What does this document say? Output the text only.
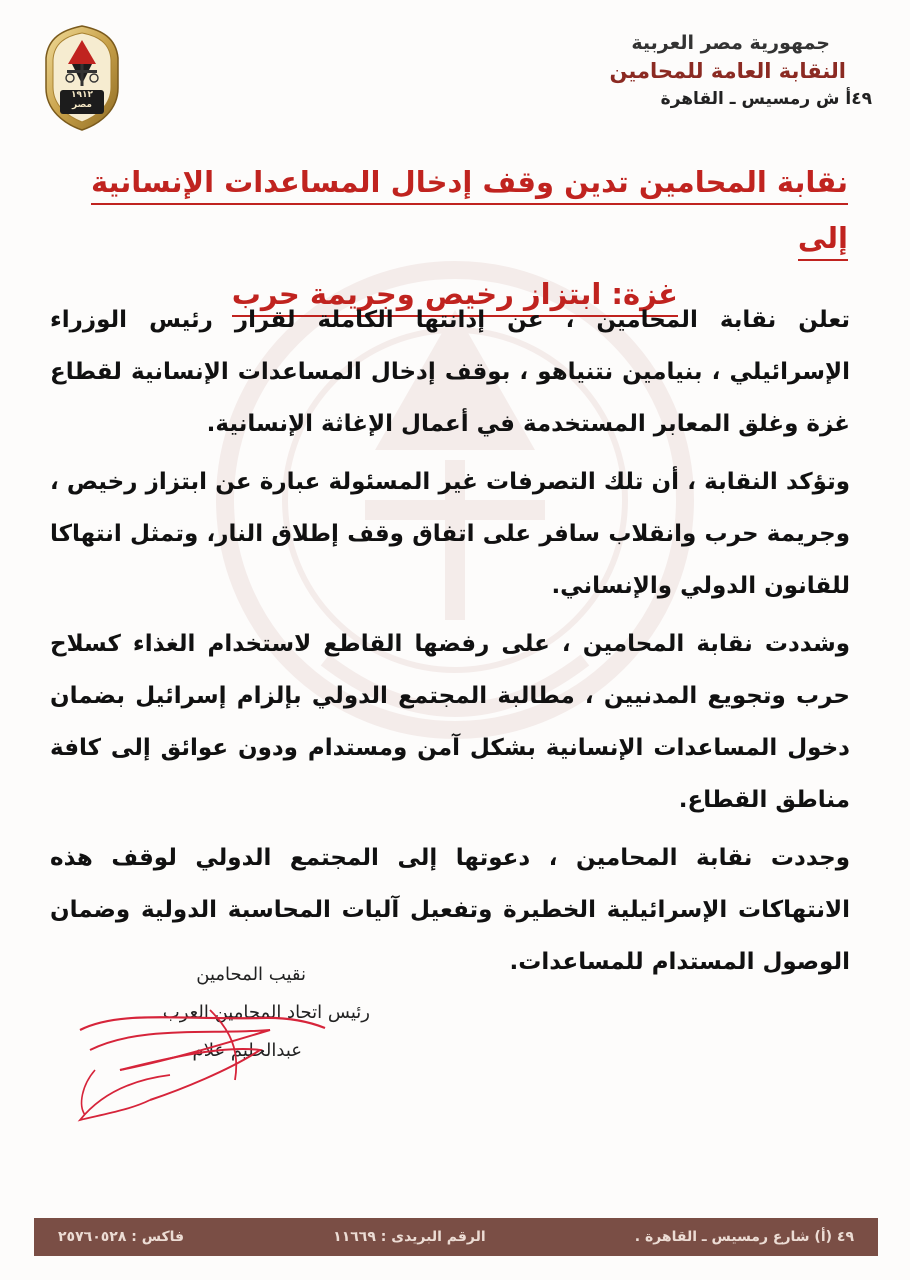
١٩١٢
مصر
جمهورية مصر العربية
النقابة العامة للمحامين
٤٩أ ش رمسيس ـ القاهرة
نقابة المحامين تدين وقف إدخال المساعدات الإنسانية إلى
غزة: ابتزاز رخيص وجريمة حرب

تعلن نقابة المحامين ، عن إدانتها الكاملة لقرار رئيس الوزراء الإسرائيلي ، بنيامين نتنياهو ، بوقف إدخال المساعدات الإنسانية لقطاع غزة وغلق المعابر المستخدمة في أعمال الإغاثة الإنسانية.

وتؤكد النقابة ، أن تلك التصرفات غير المسئولة عبارة عن ابتزاز رخيص ، وجريمة حرب وانقلاب سافر على اتفاق وقف إطلاق النار، وتمثل انتهاكا للقانون الدولي والإنساني.

وشددت نقابة المحامين ، على رفضها القاطع لاستخدام الغذاء كسلاح حرب وتجويع المدنيين ، مطالبة المجتمع الدولي بإلزام إسرائيل بضمان دخول المساعدات الإنسانية بشكل آمن ومستدام ودون عوائق إلى كافة مناطق القطاع.

وجددت نقابة المحامين ، دعوتها إلى المجتمع الدولي لوقف هذه الانتهاكات الإسرائيلية الخطيرة وتفعيل آليات المحاسبة الدولية وضمان الوصول المستدام للمساعدات.

نقيب المحامين
رئيس اتحاد المحامين العرب
عبدالحليم علام
٤٩ (أ) شارع رمسيس ـ القاهرة .
الرقم البريدى : ١١٦٦٩
فاكس : ٢٥٧٦٠٥٢٨
